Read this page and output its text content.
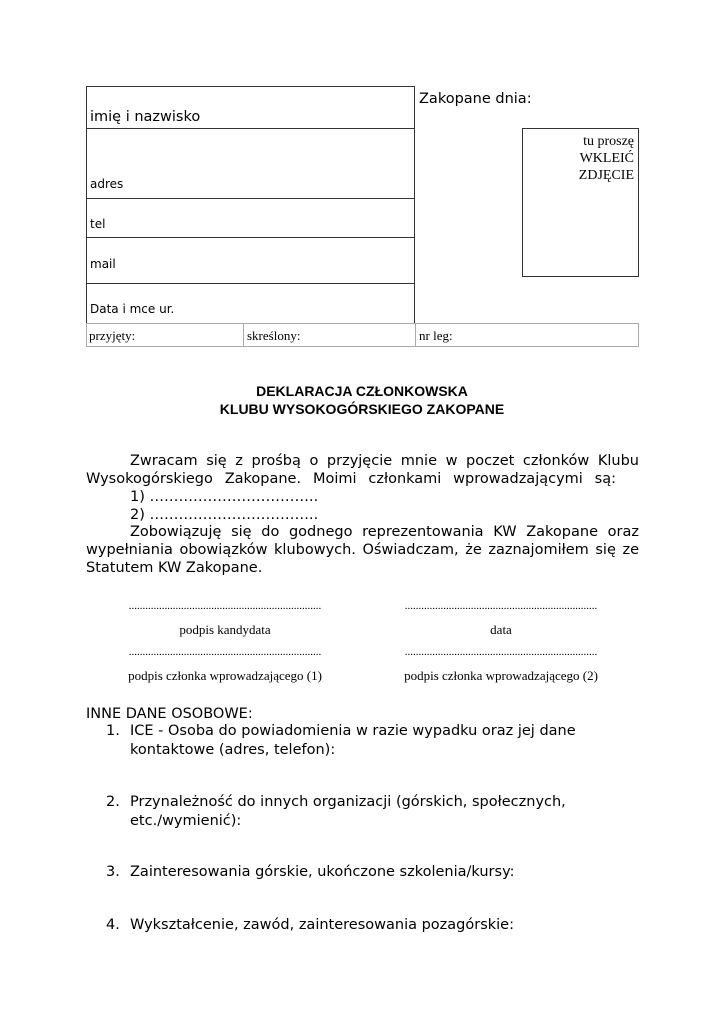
imię i nazwisko
adres
tel
mail
Data i mce ur.
Zakopane dnia:
tu proszę
WKLEIĆ
ZDJĘCIE
przyjęty:	skreślony:	nr leg:
DEKLARACJA CZŁONKOWSKA
KLUBU WYSOKOGÓRSKIEGO ZAKOPANE
Zwracam się z prośbą o przyjęcie mnie w poczet członków Klubu
Wysokogórskiego Zakopane. Moimi członkami wprowadzającymi są:
1) ……………………………..
2) ……………………………..
Zobowiązuję się do godnego reprezentowania KW Zakopane oraz
wypełniania obowiązków klubowych. Oświadczam, że zaznajomiłem się ze
Statutem KW Zakopane.
......................................................................	......................................................................
podpis kandydata	data
......................................................................	......................................................................
podpis członka wprowadzającego (1)	podpis członka wprowadzającego (2)
INNE DANE OSOBOWE:
1. ICE - Osoba do powiadomienia w razie wypadku oraz jej dane
kontaktowe (adres, telefon):
2. Przynależność do innych organizacji (górskich, społecznych,
etc./wymienić):
3. Zainteresowania górskie, ukończone szkolenia/kursy:
4. Wykształcenie, zawód, zainteresowania pozagórskie:
